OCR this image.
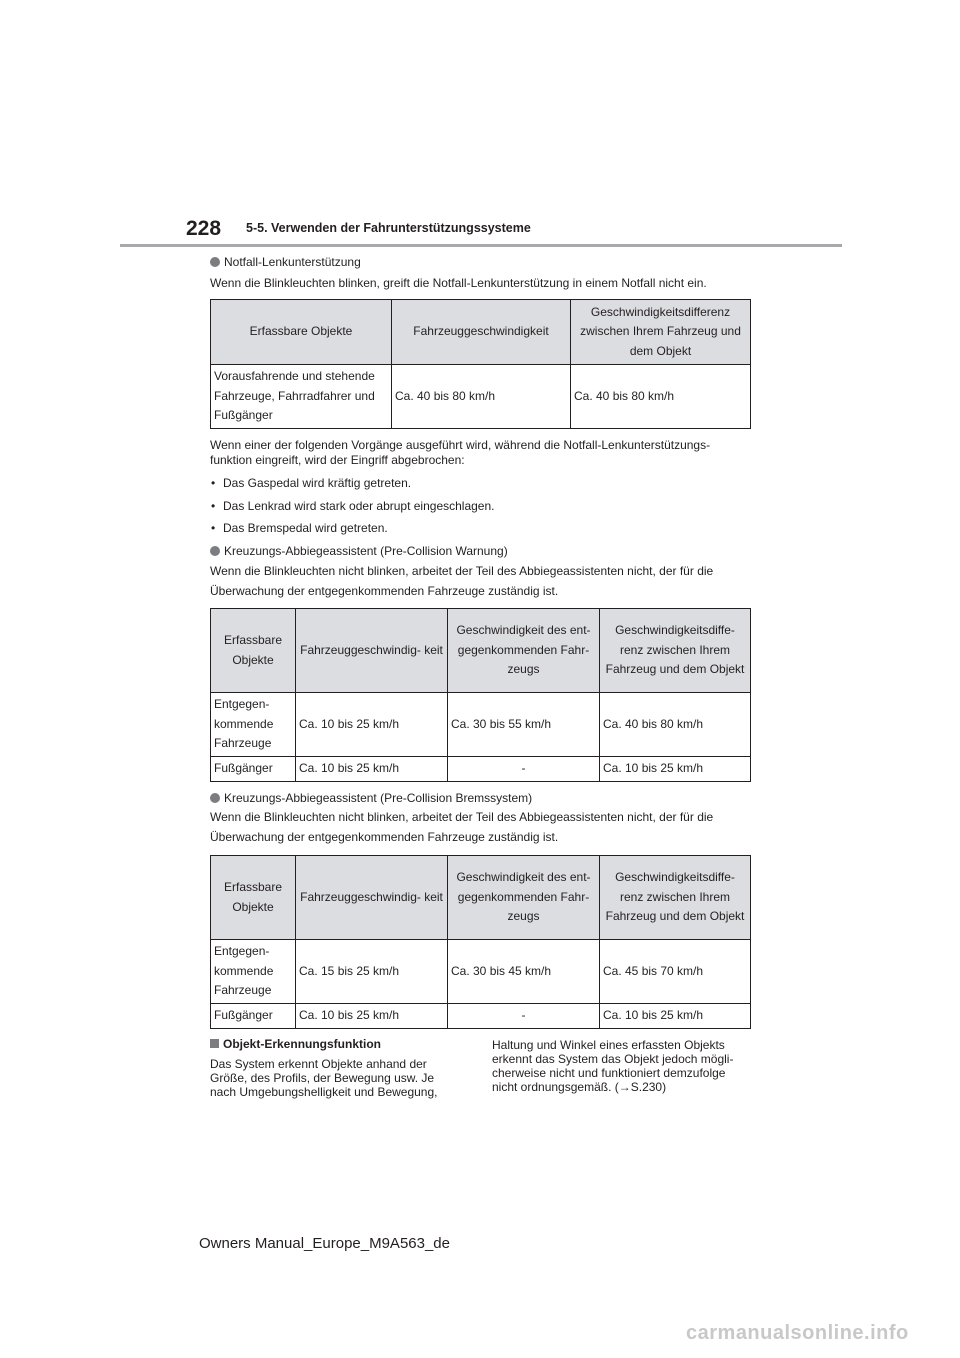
228 5-5. Verwenden der Fahrunterstützungssysteme
Notfall-Lenkunterstützung
Wenn die Blinkleuchten blinken, greift die Notfall-Lenkunterstützung in einem Notfall nicht ein.
Erfassbare Objekte	Fahrzeuggeschwindigkeit	Geschwindigkeitsdifferenz zwischen Ihrem Fahrzeug und dem Objekt
Vorausfahrende und stehende Fahrzeuge, Fahrradfahrer und Fußgänger	Ca. 40 bis 80 km/h	Ca. 40 bis 80 km/h
Wenn einer der folgenden Vorgänge ausgeführt wird, während die Notfall-Lenkunterstützungs- funktion eingreift, wird der Eingriff abgebrochen:
• Das Gaspedal wird kräftig getreten.
• Das Lenkrad wird stark oder abrupt eingeschlagen.
• Das Bremspedal wird getreten.
Kreuzungs-Abbiegeassistent (Pre-Collision Warnung)
Wenn die Blinkleuchten nicht blinken, arbeitet der Teil des Abbiegeassistenten nicht, der für die
Überwachung der entgegenkommenden Fahrzeuge zuständig ist.
Erfassbare Objekte	Fahrzeuggeschwindig- keit	Geschwindigkeit des ent- gegenkommenden Fahr- zeugs	Geschwindigkeitsdiffe- renz zwischen Ihrem Fahrzeug und dem Objekt
Entgegen- kommende Fahrzeuge	Ca. 10 bis 25 km/h	Ca. 30 bis 55 km/h	Ca. 40 bis 80 km/h
Fußgänger	Ca. 10 bis 25 km/h	-	Ca. 10 bis 25 km/h
Kreuzungs-Abbiegeassistent (Pre-Collision Bremssystem)
Wenn die Blinkleuchten nicht blinken, arbeitet der Teil des Abbiegeassistenten nicht, der für die
Überwachung der entgegenkommenden Fahrzeuge zuständig ist.
Erfassbare Objekte	Fahrzeuggeschwindig- keit	Geschwindigkeit des ent- gegenkommenden Fahr- zeugs	Geschwindigkeitsdiffe- renz zwischen Ihrem Fahrzeug und dem Objekt
Entgegen- kommende Fahrzeuge	Ca. 15 bis 25 km/h	Ca. 30 bis 45 km/h	Ca. 45 bis 70 km/h
Fußgänger	Ca. 10 bis 25 km/h	-	Ca. 10 bis 25 km/h
Objekt-Erkennungsfunktion
Das System erkennt Objekte anhand der Größe, des Profils, der Bewegung usw. Je nach Umgebungshelligkeit und Bewegung,
Haltung und Winkel eines erfassten Objekts erkennt das System das Objekt jedoch mögli- cherweise nicht und funktioniert demzufolge nicht ordnungsgemäß. (→S.230)
Owners Manual_Europe_M9A563_de
carmanualsonline.info
